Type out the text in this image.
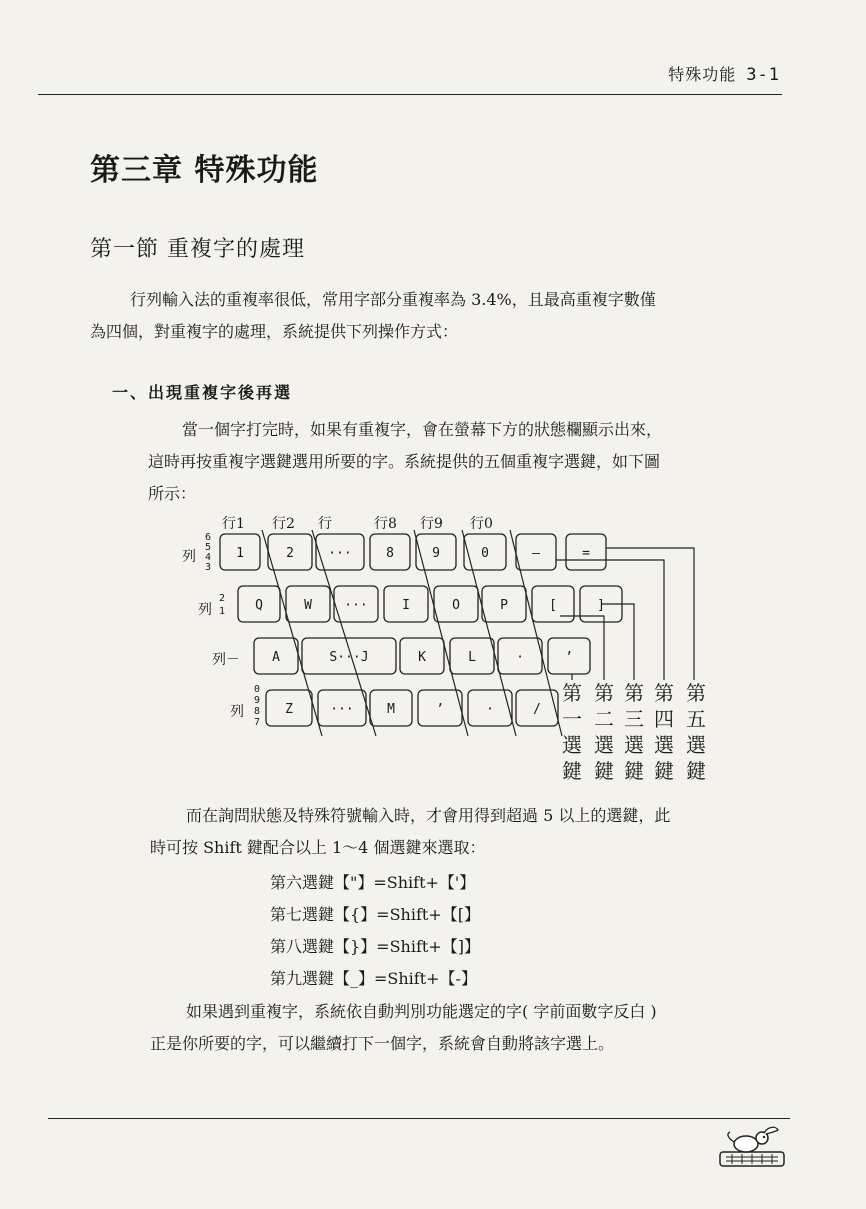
特殊功能 3-1
第三章 特殊功能
第一節 重複字的處理
行列輸入法的重複率很低，常用字部分重複率為 3.4%，且最高重複字數僅
為四個，對重複字的處理，系統提供下列操作方式：
一、出現重複字後再選
當一個字打完時，如果有重複字，會在螢幕下方的狀態欄顯示出來，
這時再按重複字選鍵選用所要的字。系統提供的五個重複字選鍵，如下圖
所示：
行1 行2 行	行8 行9 行0
列
列
列－
列
6
5
4
3
2
1
0
9
8
7
1	2	···	8	9	0	—	=
Q	W ···	I	O	P	[	]
A	S···J	K	L	·	’
Z	···	M	’	·	/
第
一
選
鍵
第
二
選
鍵
第
三
選
鍵
第
四
選
鍵
第
五
選
鍵
而在詢問狀態及特殊符號輸入時，才會用得到超過 5 以上的選鍵，此
時可按 Shift 鍵配合以上 1～4 個選鍵來選取：
第六選鍵【"】=Shift+【'】
第七選鍵【{】=Shift+【[】
第八選鍵【}】=Shift+【]】
第九選鍵【_】=Shift+【-】
如果遇到重複字，系統依自動判別功能選定的字( 字前面數字反白 )
正是你所要的字，可以繼續打下一個字，系統會自動將該字選上。
